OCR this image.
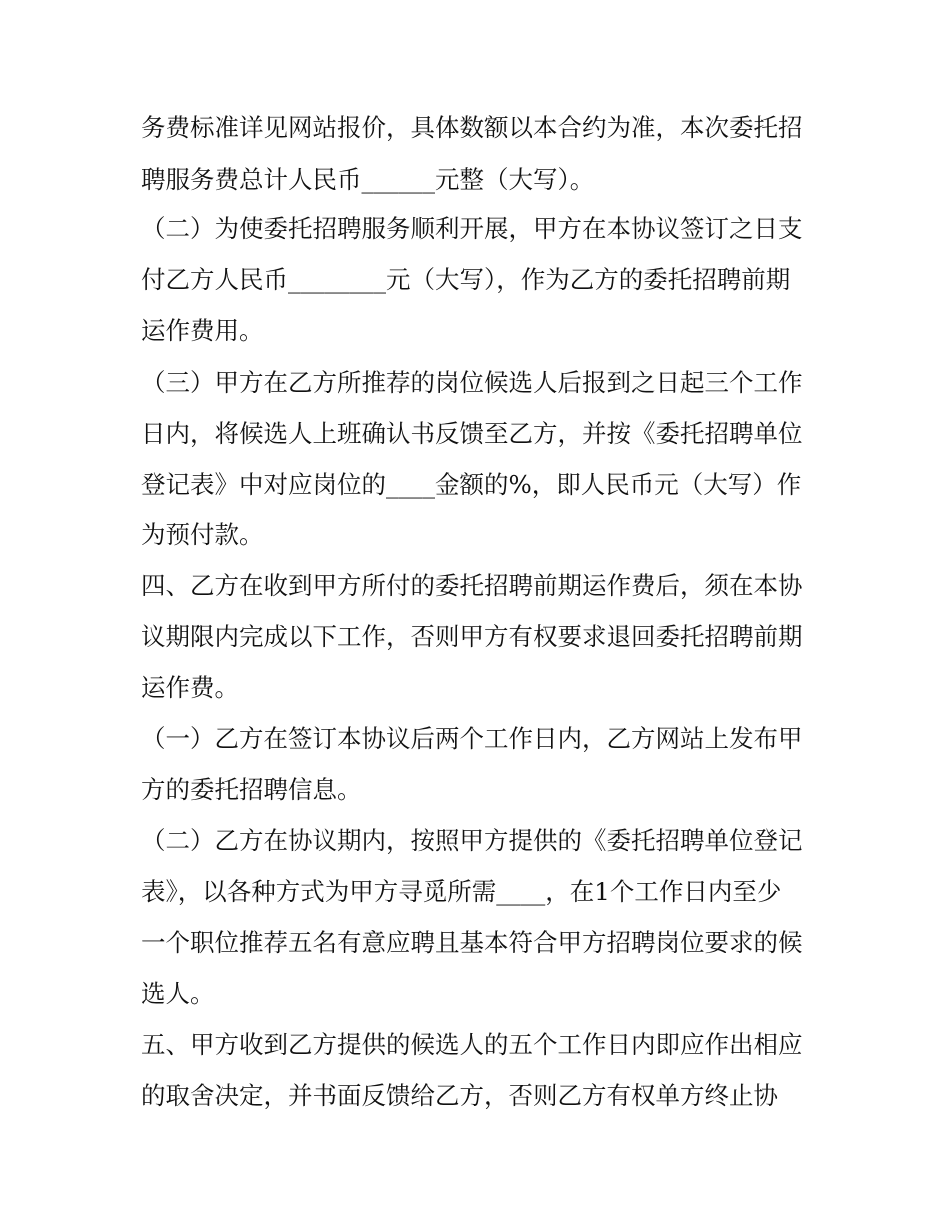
务费标准详见网站报价，具体数额以本合约为准，本次委托招
聘服务费总计人民币______元整（大写）。
（二）为使委托招聘服务顺利开展，甲方在本协议签订之日支
付乙方人民币________元（大写），作为乙方的委托招聘前期
运作费用。
（三）甲方在乙方所推荐的岗位候选人后报到之日起三个工作
日内，将候选人上班确认书反馈至乙方，并按《委托招聘单位
登记表》中对应岗位的____金额的%，即人民币元（大写）作
为预付款。
四、乙方在收到甲方所付的委托招聘前期运作费后，须在本协
议期限内完成以下工作，否则甲方有权要求退回委托招聘前期
运作费。
（一）乙方在签订本协议后两个工作日内，乙方网站上发布甲
方的委托招聘信息。
（二）乙方在协议期内，按照甲方提供的《委托招聘单位登记
表》，以各种方式为甲方寻觅所需____，在1个工作日内至少
一个职位推荐五名有意应聘且基本符合甲方招聘岗位要求的候
选人。
五、甲方收到乙方提供的候选人的五个工作日内即应作出相应
的取舍决定，并书面反馈给乙方，否则乙方有权单方终止协
